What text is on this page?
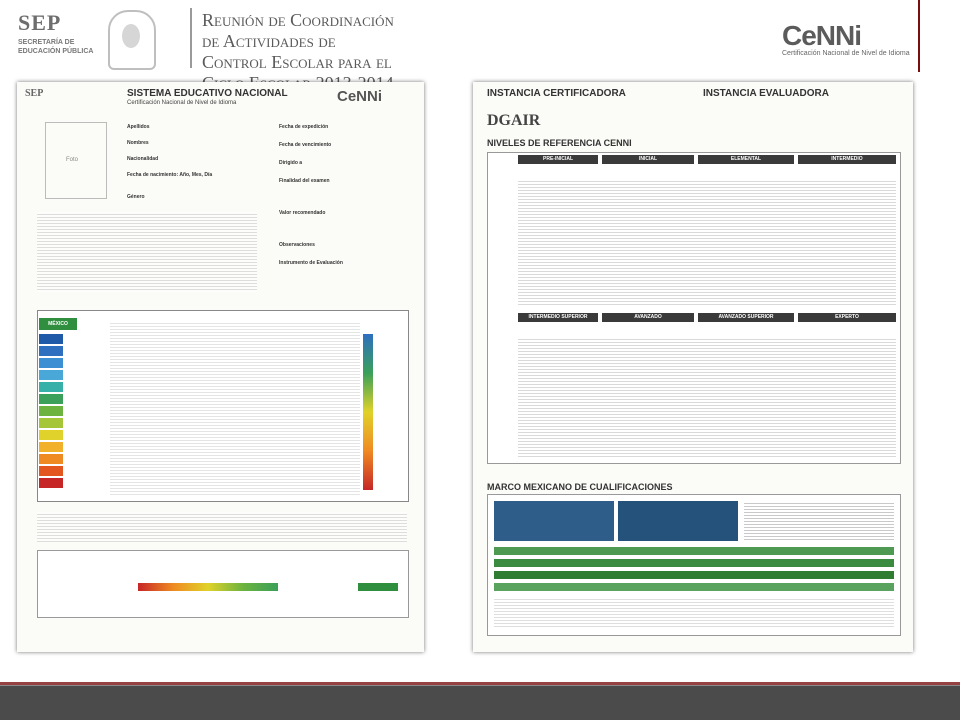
SEP
SECRETARÍA DE EDUCACIÓN PÚBLICA
Reunión de Coordinación
de Actividades de
Control Escolar para el
CeNNi
Certificación Nacional de Nivel de Idioma
SEP	SISTEMA EDUCATIVO NACIONAL
Certificación Nacional de Nivel de Idioma	CeNNi
Foto
Apellidos
Nombres
Nacionalidad
Fecha de nacimiento: Año, Mes, Día
Género
Fecha de expedición
Fecha de vencimiento
Dirigido a
Finalidad del examen
Valor recomendado
Observaciones
Instrumento de Evaluación
MÉXICO
INSTANCIA CERTIFICADORA	INSTANCIA EVALUADORA
DGAIR
NIVELES DE REFERENCIA CENNI
PRE-INICIAL	INICIAL	ELEMENTAL	INTERMEDIO
INTERMEDIO SUPERIOR	AVANZADO	AVANZADO SUPERIOR	EXPERTO
MARCO MEXICANO DE CUALIFICACIONES
